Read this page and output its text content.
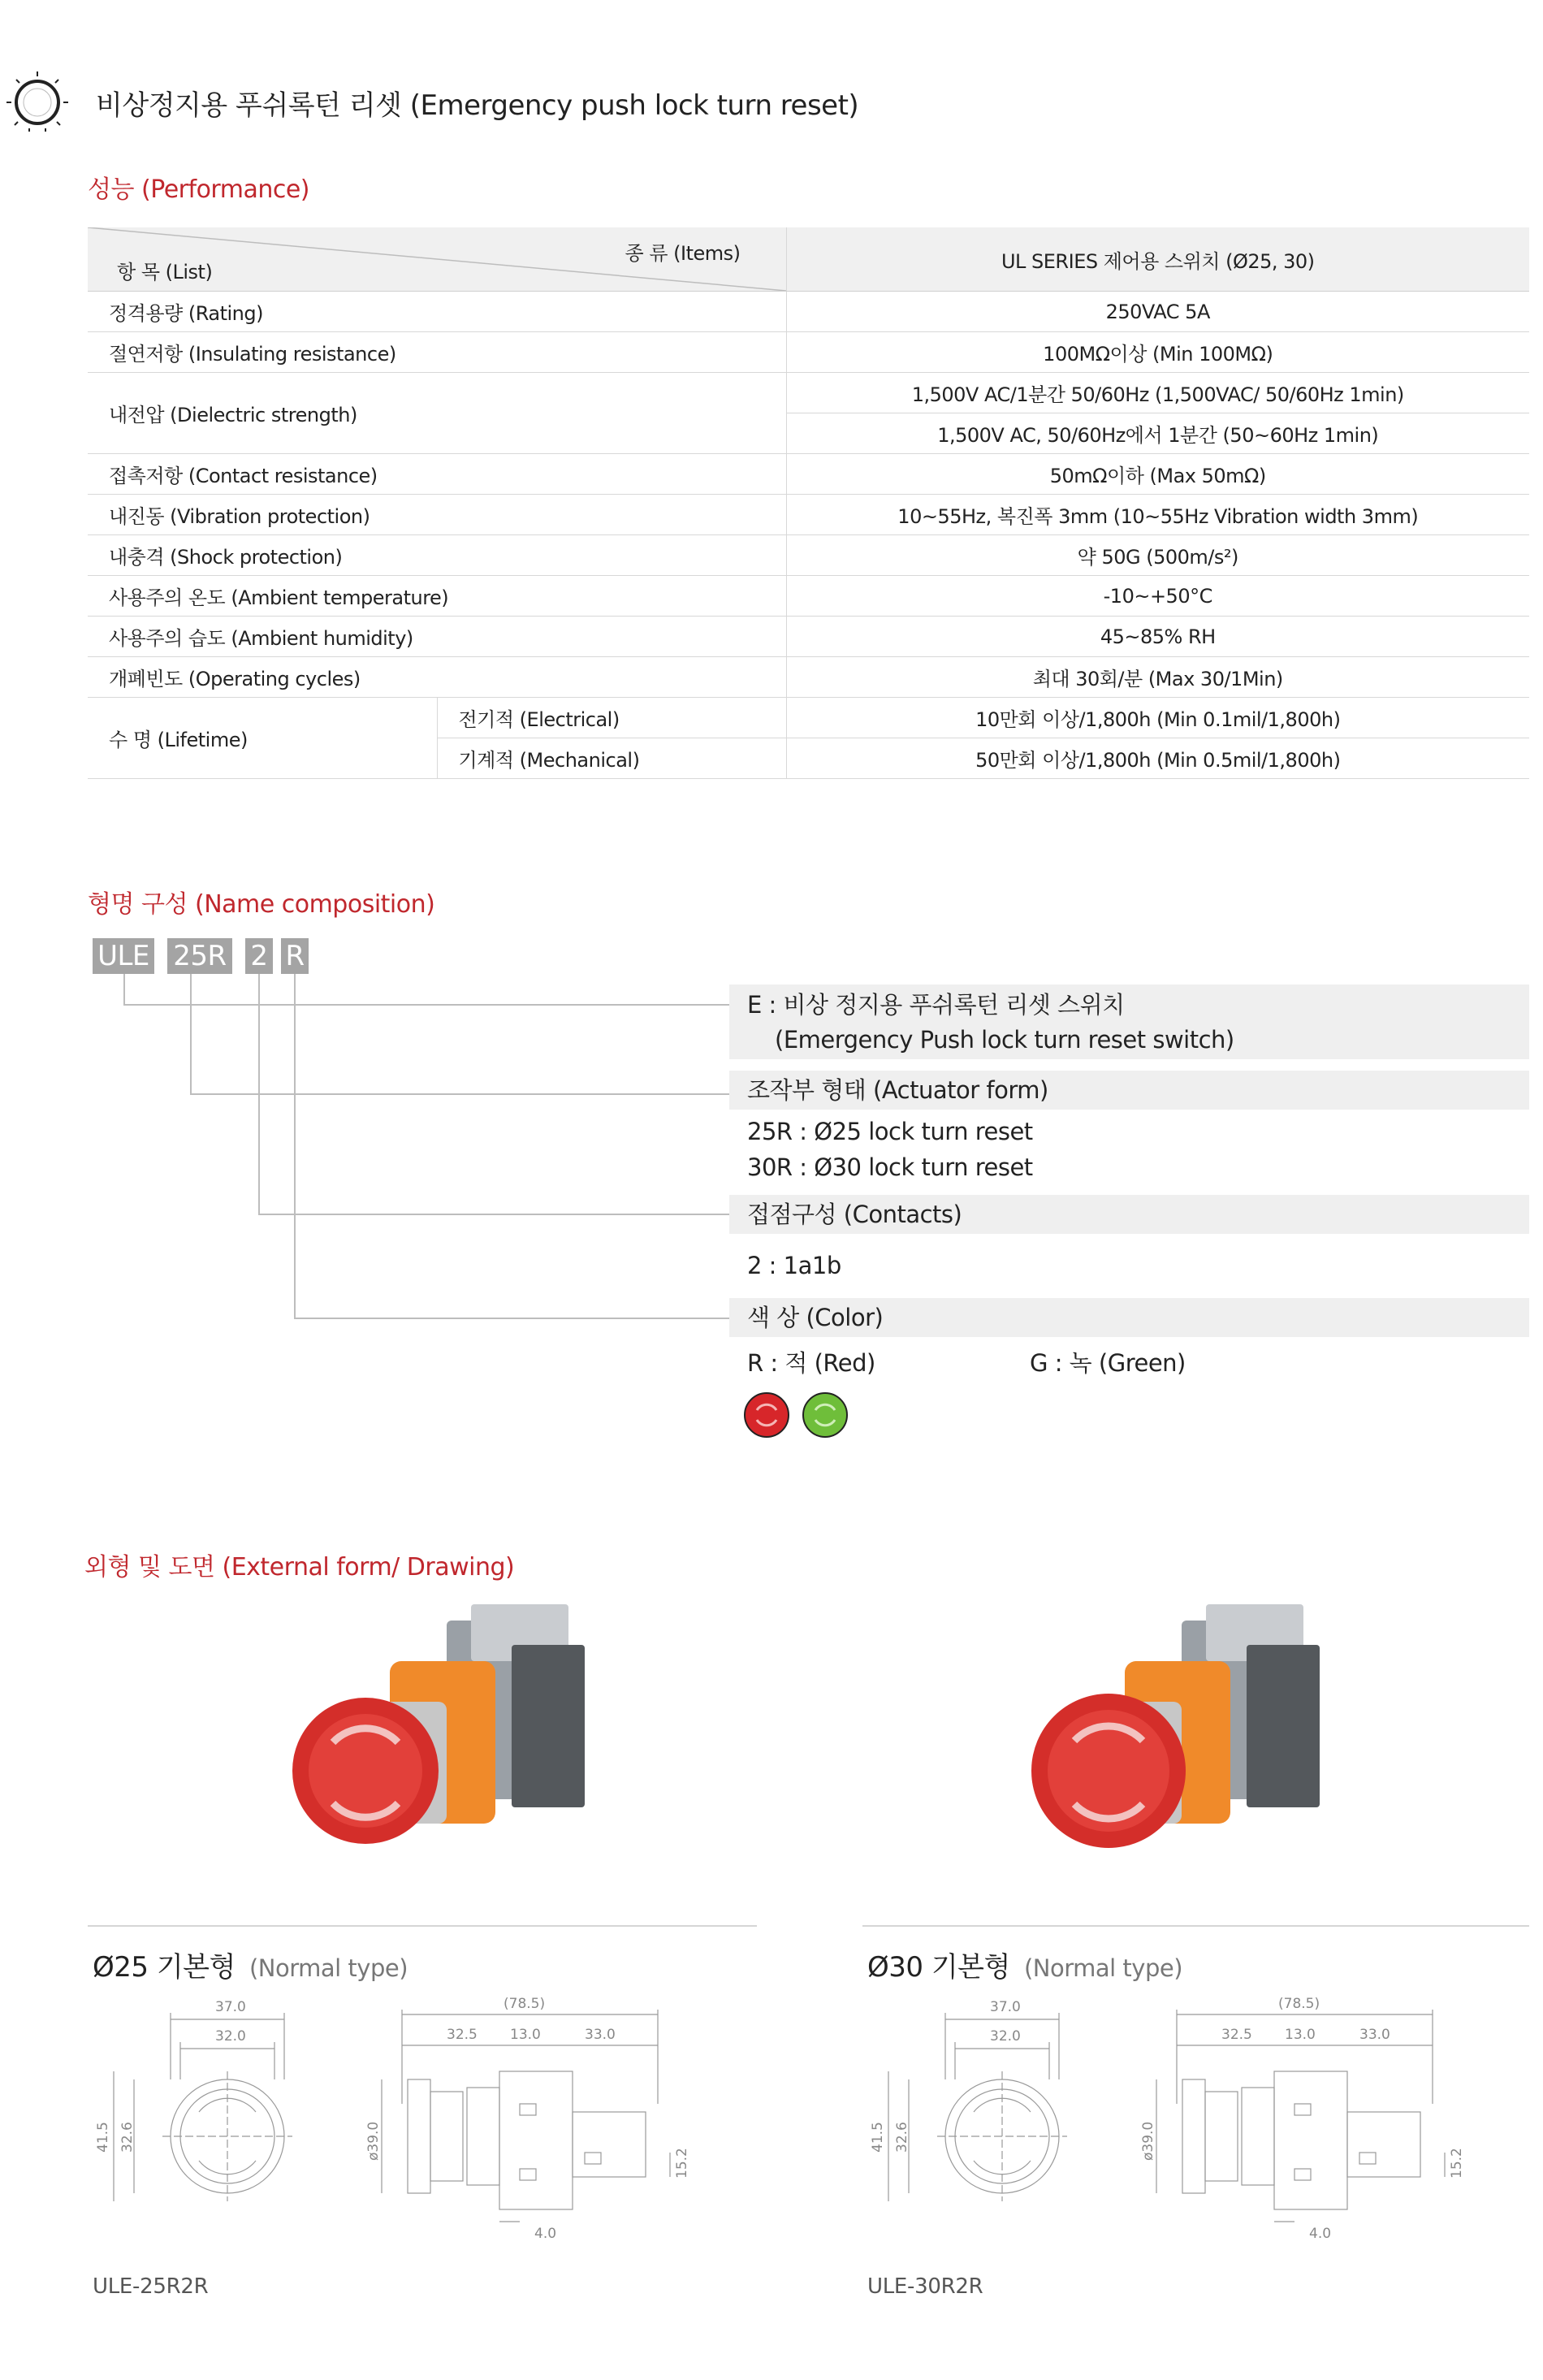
비상정지용 푸쉬록턴 리셋 (Emergency push lock turn reset)
성능 (Performance)
종 류 (Items)
항 목 (List)		UL SERIES 제어용 스위치 (Ø25, 30)
정격용량 (Rating)		250VAC 5A
절연저항 (Insulating resistance)		100MΩ이상 (Min 100MΩ)
내전압 (Dielectric strength)		1,500V AC/1분간 50/60Hz (1,500VAC/ 50/60Hz 1min)
		1,500V AC, 50/60Hz에서 1분간 (50~60Hz 1min)
접촉저항 (Contact resistance)		50mΩ이하 (Max 50mΩ)
내진동 (Vibration protection)		10~55Hz, 복진폭 3mm (10~55Hz Vibration width 3mm)
내충격 (Shock protection)		약 50G (500m/s²)
사용주의 온도 (Ambient temperature)		-10~+50°C
사용주의 습도 (Ambient humidity)		45~85% RH
개폐빈도 (Operating cycles)		최대 30회/분 (Max 30/1Min)
수 명 (Lifetime)	전기적 (Electrical)	10만회 이상/1,800h (Min 0.1mil/1,800h)
	기계적 (Mechanical)	50만회 이상/1,800h (Min 0.5mil/1,800h)
형명 구성 (Name composition)
ULE 25R 2 R
E : 비상 정지용 푸쉬록턴 리셋 스위치
(Emergency Push lock turn reset switch)
조작부 형태 (Actuator form)
25R : Ø25 lock turn reset
30R : Ø30 lock turn reset
접점구성 (Contacts)
2 : 1a1b
색 상 (Color)
R : 적 (Red)	G : 녹 (Green)
외형 및 도면 (External form/ Drawing)
Ø25 기본형 (Normal type)	Ø30 기본형 (Normal type)
37.0
32.0
41.5 32.6
(78.5)
32.5 13.0	33.0
ø39.0
15.2
4.0
37.0
32.0
41.5 32.6
(78.5)
32.5 13.0	33.0
ø39.0
15.2
4.0
ULE-25R2R	ULE-30R2R
